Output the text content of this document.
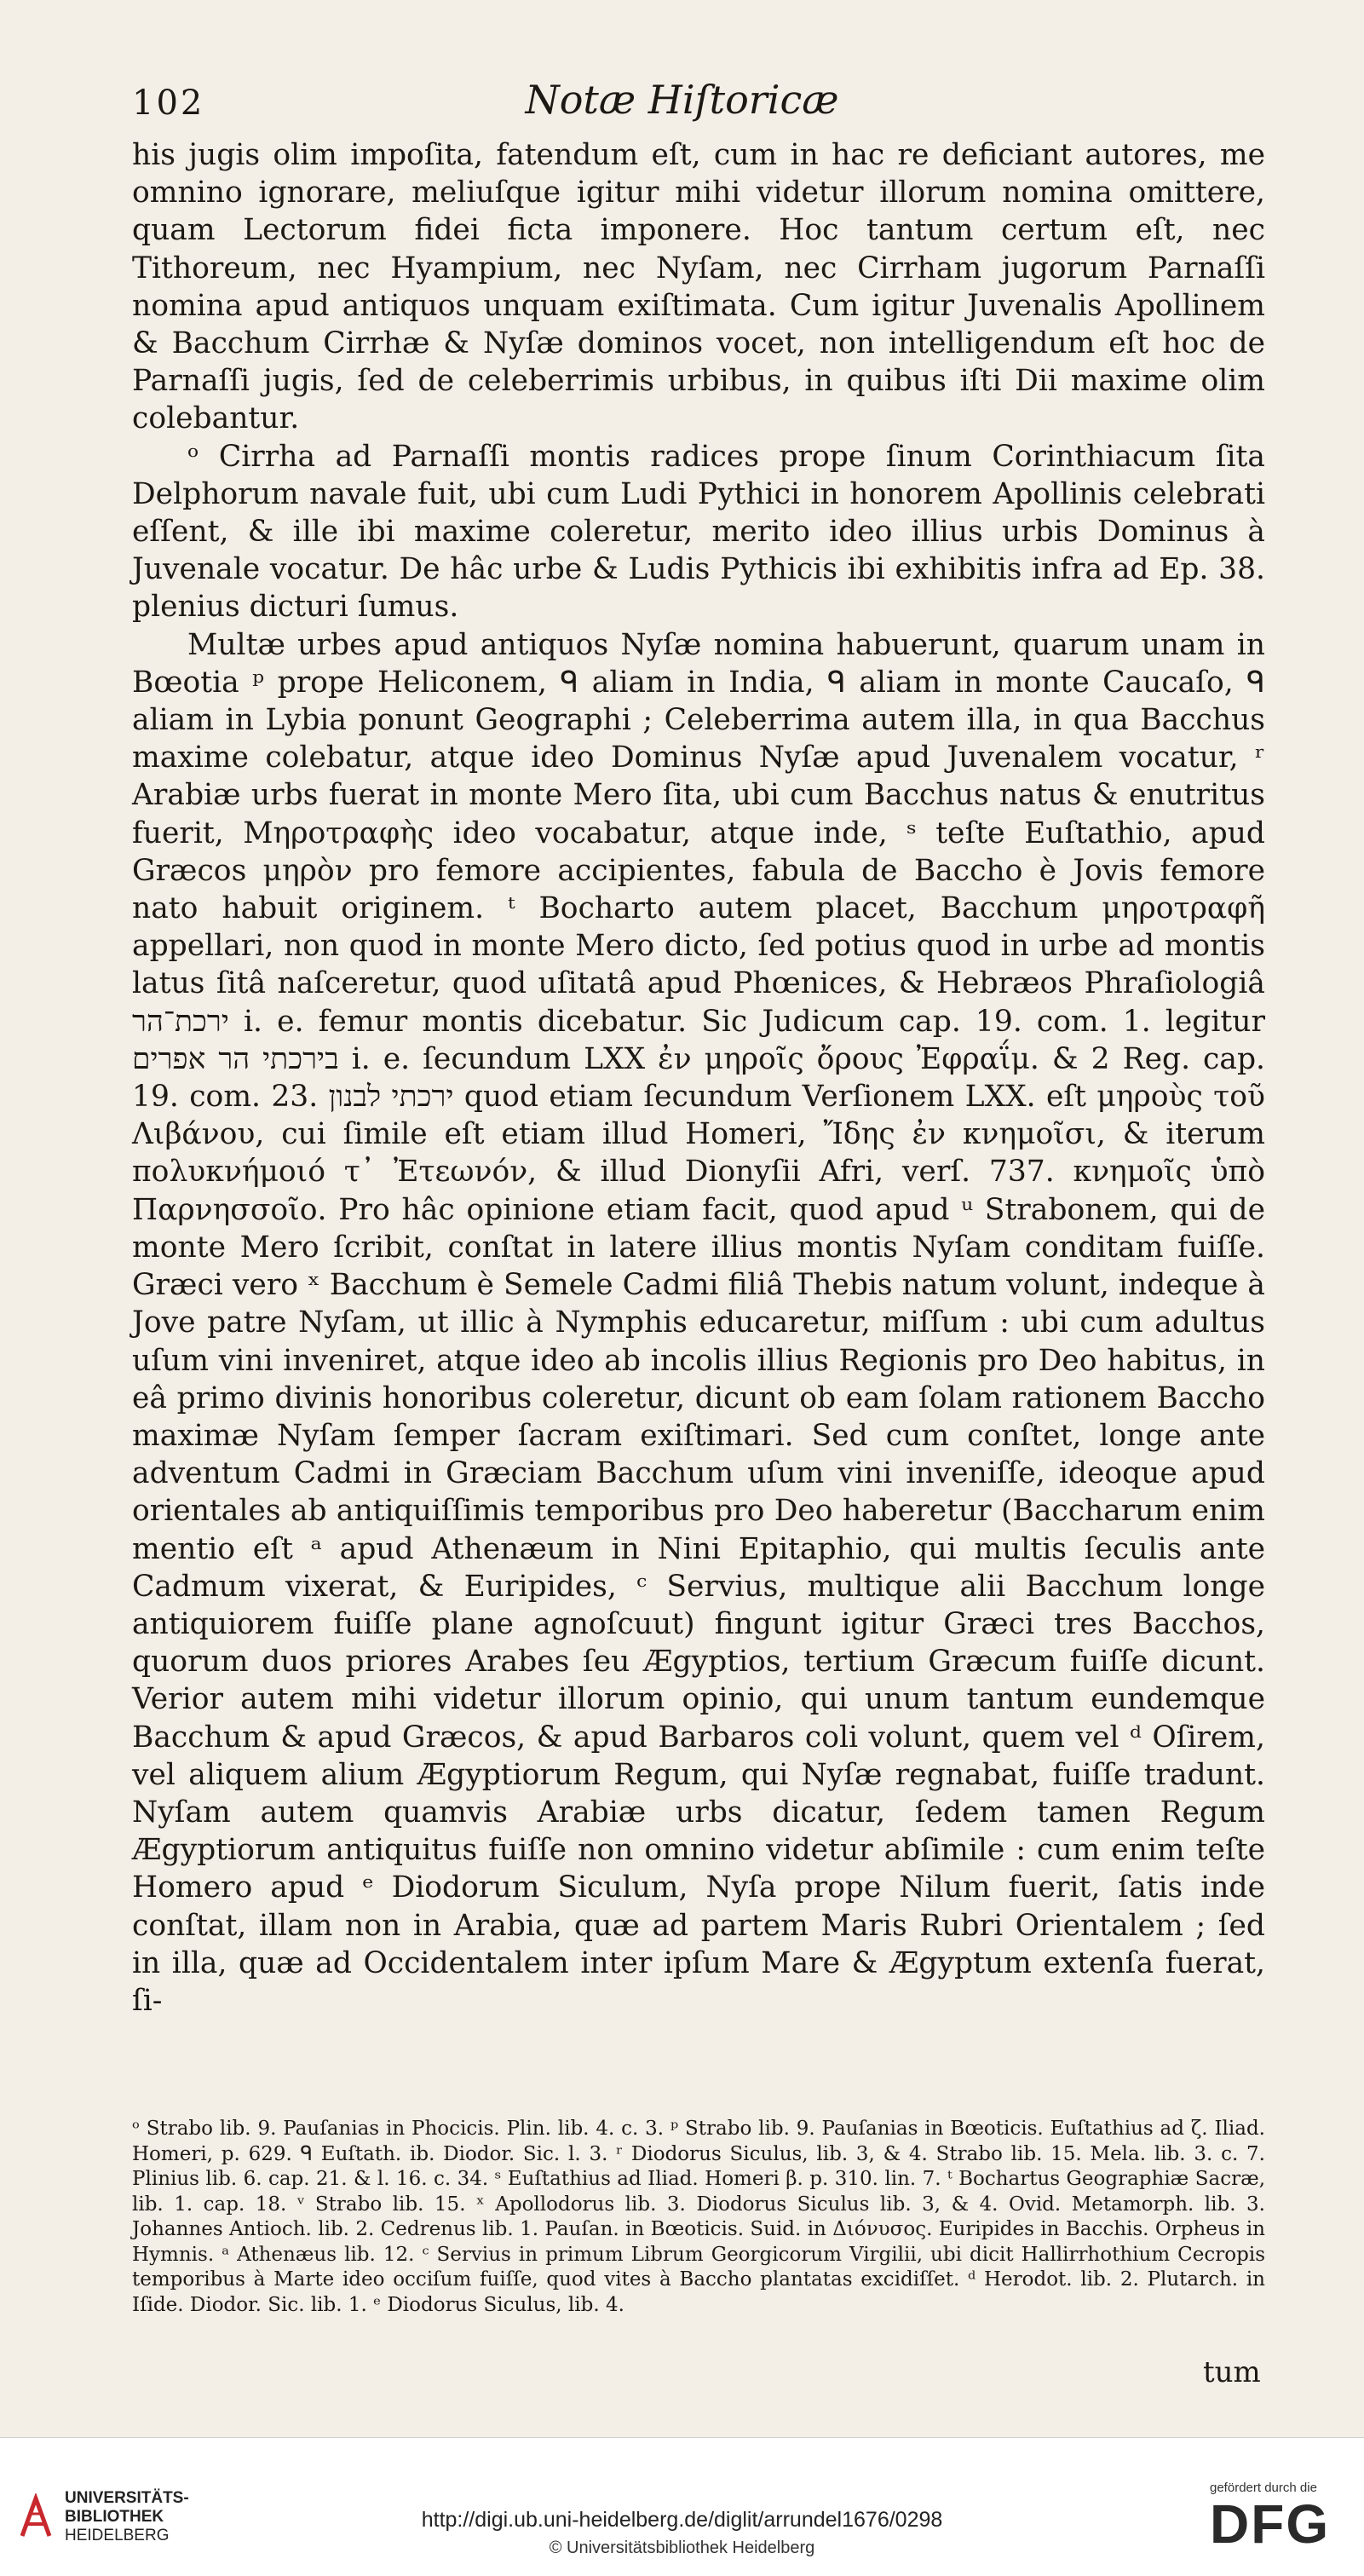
102	Notæ Hiſtoricæ

his jugis olim impoſita, fatendum eſt, cum in hac re deficiant autores, me omnino ignorare, meliuſque igitur mihi videtur illorum nomina omittere, quam Lectorum fidei ficta imponere. Hoc tantum certum eſt, nec Tithoreum, nec Hyampium, nec Nyſam, nec Cirrham jugorum Parnaſſi nomina apud antiquos unquam exiſtimata. Cum igitur Juvenalis Apollinem & Bacchum Cirrhæ & Nyſæ dominos vocet, non intelligendum eſt hoc de Parnaſſi jugis, ſed de celeberrimis urbibus, in quibus iſti Dii maxime olim colebantur.

ᵒ Cirrha ad Parnaſſi montis radices prope ſinum Corinthiacum ſita Delphorum navale fuit, ubi cum Ludi Pythici in honorem Apollinis celebrati eſſent, & ille ibi maxime coleretur, merito ideo illius urbis Dominus à Juvenale vocatur. De hâc urbe & Ludis Pythicis ibi exhibitis infra ad Ep. 38. plenius dicturi ſumus.

Multæ urbes apud antiquos Nyſæ nomina habuerunt, quarum unam in Bœotia ᵖ prope Heliconem, ᑫ aliam in India, ᑫ aliam in monte Caucaſo, ᑫ aliam in Lybia ponunt Geographi ; Celeberrima autem illa, in qua Bacchus maxime colebatur, atque ideo Dominus Nyſæ apud Juvenalem vocatur, ʳ Arabiæ urbs fuerat in monte Mero ſita, ubi cum Bacchus natus & enutritus fuerit, Μηροτραφὴς ideo vocabatur, atque inde, ˢ teſte Euſtathio, apud Græcos μηρὸν pro femore accipientes, fabula de Baccho è Jovis femore nato habuit originem. ᵗ Bocharto autem placet, Bacchum μηροτραφῆ appellari, non quod in monte Mero dicto, ſed potius quod in urbe ad montis latus ſitâ naſceretur, quod uſitatâ apud Phœnices, & Hebræos Phraſiologiâ ירכת־הר i. e. femur montis dicebatur. Sic Judicum cap. 19. com. 1. legitur בירכתי הר אפרים i. e. ſecundum LXX ἐν μηροῖς ὄρους Ἐφραΐμ. & 2 Reg. cap. 19. com. 23. ירכתי לבנון quod etiam ſecundum Verſionem LXX. eſt μηροὺς τοῦ Λιβάνου, cui ſimile eſt etiam illud Homeri, Ἴδης ἐν κνημοῖσι, & iterum πολυκνήμοιό τ᾽ Ἐτεωνόν, & illud Dionyſii Afri, verſ. 737. κνημοῖς ὑπὸ Παρνησσοῖο. Pro hâc opinione etiam facit, quod apud ᵘ Strabonem, qui de monte Mero ſcribit, conſtat in latere illius montis Nyſam conditam fuiſſe. Græci vero ˣ Bacchum è Semele Cadmi filiâ Thebis natum volunt, indeque à Jove patre Nyſam, ut illic à Nymphis educaretur, miſſum : ubi cum adultus uſum vini inveniret, atque ideo ab incolis illius Regionis pro Deo habitus, in eâ primo divinis honoribus coleretur, dicunt ob eam ſolam rationem Baccho maximæ Nyſam ſemper ſacram exiſtimari. Sed cum conſtet, longe ante adventum Cadmi in Græciam Bacchum uſum vini inveniſſe, ideoque apud orientales ab antiquiſſimis temporibus pro Deo haberetur (Baccharum enim mentio eſt ᵃ apud Athenæum in Nini Epitaphio, qui multis ſeculis ante Cadmum vixerat, & Euripides, ᶜ Servius, multique alii Bacchum longe antiquiorem fuiſſe plane agnoſcuut) fingunt igitur Græci tres Bacchos, quorum duos priores Arabes ſeu Ægyptios, tertium Græcum fuiſſe dicunt. Verior autem mihi videtur illorum opinio, qui unum tantum eundemque Bacchum & apud Græcos, & apud Barbaros coli volunt, quem vel ᵈ Oſirem, vel aliquem alium Ægyptiorum Regum, qui Nyſæ regnabat, fuiſſe tradunt. Nyſam autem quamvis Arabiæ urbs dicatur, ſedem tamen Regum Ægyptiorum antiquitus fuiſſe non omnino videtur abſimile : cum enim teſte Homero apud ᵉ Diodorum Siculum, Nyſa prope Nilum fuerit, ſatis inde conſtat, illam non in Arabia, quæ ad partem Maris Rubri Orientalem ; ſed in illa, quæ ad Occidentalem inter ipſum Mare & Ægyptum extenſa fuerat, ſi-

ᵒ Strabo lib. 9. Pauſanias in Phocicis. Plin. lib. 4. c. 3. ᵖ Strabo lib. 9. Pauſanias in Bœoticis. Euſtathius ad ζ. Iliad. Homeri, p. 629. ᑫ Euſtath. ib. Diodor. Sic. l. 3. ʳ Diodorus Siculus, lib. 3, & 4. Strabo lib. 15. Mela. lib. 3. c. 7. Plinius lib. 6. cap. 21. & l. 16. c. 34. ˢ Euſtathius ad Iliad. Homeri β. p. 310. lin. 7. ᵗ Bochartus Geographiæ Sacræ, lib. 1. cap. 18. ᵛ Strabo lib. 15. ˣ Apollodorus lib. 3. Diodorus Siculus lib. 3, & 4. Ovid. Metamorph. lib. 3. Johannes Antioch. lib. 2. Cedrenus lib. 1. Pauſan. in Bœoticis. Suid. in Διόνυσος. Euripides in Bacchis. Orpheus in Hymnis. ᵃ Athenæus lib. 12. ᶜ Servius in primum Librum Georgicorum Virgilii, ubi dicit Hallirrhothium Cecropis temporibus à Marte ideo occiſum fuiſſe, quod vites à Baccho plantatas excidiſſet. ᵈ Herodot. lib. 2. Plutarch. in Iſide. Diodor. Sic. lib. 1. ᵉ Diodorus Siculus, lib. 4.
tum
UNIVERSITÄTS-
BIBLIOTHEK
HEIDELBERG
http://digi.ub.uni-heidelberg.de/diglit/arrundel1676/0298
© Universitätsbibliothek Heidelberg
gefördert durch die
DFG
